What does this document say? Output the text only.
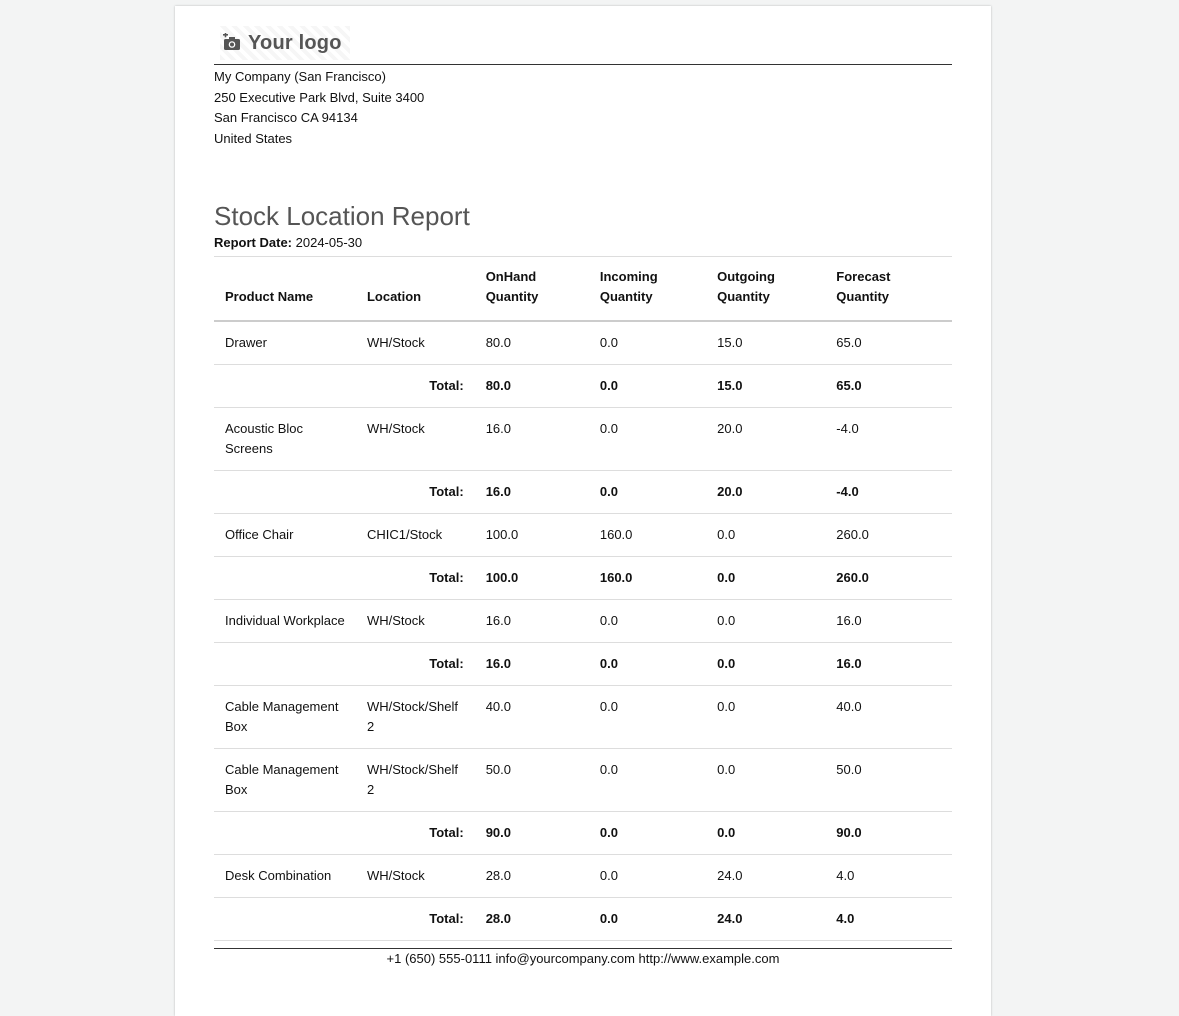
Your logo
My Company (San Francisco)
250 Executive Park Blvd, Suite 3400
San Francisco CA 94134
United States
Stock Location Report
Report Date: 2024-05-30
Product Name	Location	OnHand Quantity	Incoming Quantity	Outgoing Quantity	Forecast Quantity
Drawer	WH/Stock	80.0	0.0	15.0	65.0
Total:		80.0	0.0	15.0	65.0
Acoustic Bloc Screens	WH/Stock	16.0	0.0	20.0	-4.0
Total:		16.0	0.0	20.0	-4.0
Office Chair	CHIC1/Stock	100.0	160.0	0.0	260.0
Total:		100.0	160.0	0.0	260.0
Individual Workplace	WH/Stock	16.0	0.0	0.0	16.0
Total:		16.0	0.0	0.0	16.0
Cable Management Box	WH/Stock/Shelf 2	40.0	0.0	0.0	40.0
Cable Management Box	WH/Stock/Shelf 2	50.0	0.0	0.0	50.0
Total:		90.0	0.0	0.0	90.0
Desk Combination	WH/Stock	28.0	0.0	24.0	4.0
Total:		28.0	0.0	24.0	4.0
+1 (650) 555-0111 info@yourcompany.com http://www.example.com
